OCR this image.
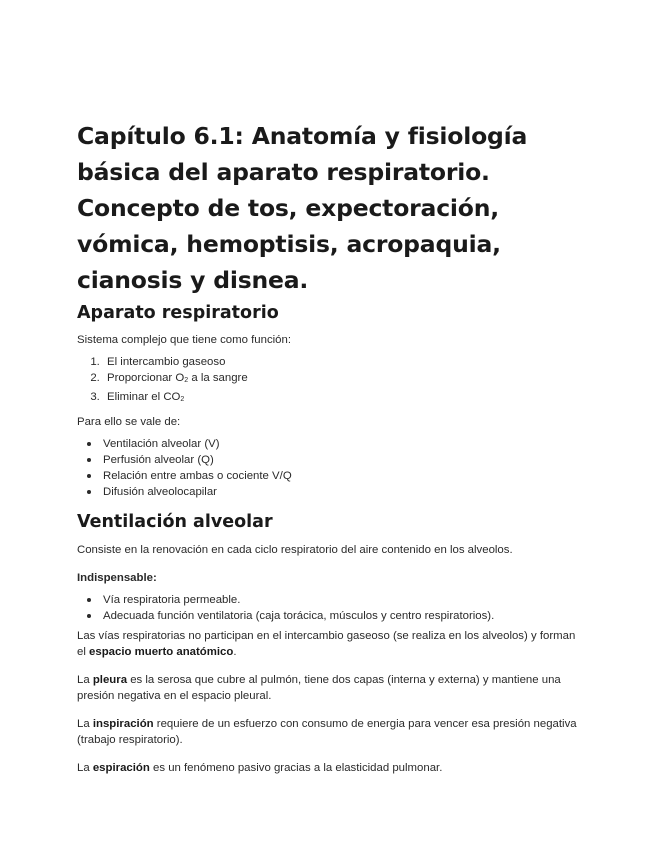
Capítulo 6.1: Anatomía y fisiología básica del aparato respiratorio. Concepto de tos, expectoración, vómica, hemoptisis, acropaquia, cianosis y disnea.
Aparato respiratorio

Sistema complejo que tiene como función:

1. El intercambio gaseoso
2. Proporcionar $O_2$ a la sangre
3. Eliminar el $CO_2$

Para ello se vale de:

Ventilación alveolar (V)
Perfusión alveolar (Q)
Relación entre ambas o cociente V/Q
Difusión alveolocapilar
Ventilación alveolar

Consiste en la renovación en cada ciclo respiratorio del aire contenido en los alveolos.

Indispensable:

Vía respiratoria permeable.
Adecuada función ventilatoria (caja torácica, músculos y centro respiratorios).

Las vías respiratorias no participan en el intercambio gaseoso (se realiza en los alveolos) y forman el espacio muerto anatómico.

La pleura es la serosa que cubre al pulmón, tiene dos capas (interna y externa) y mantiene una presión negativa en el espacio pleural.

La inspiración requiere de un esfuerzo con consumo de energia para vencer esa presión negativa (trabajo respiratorio).

La espiración es un fenómeno pasivo gracias a la elasticidad pulmonar.
